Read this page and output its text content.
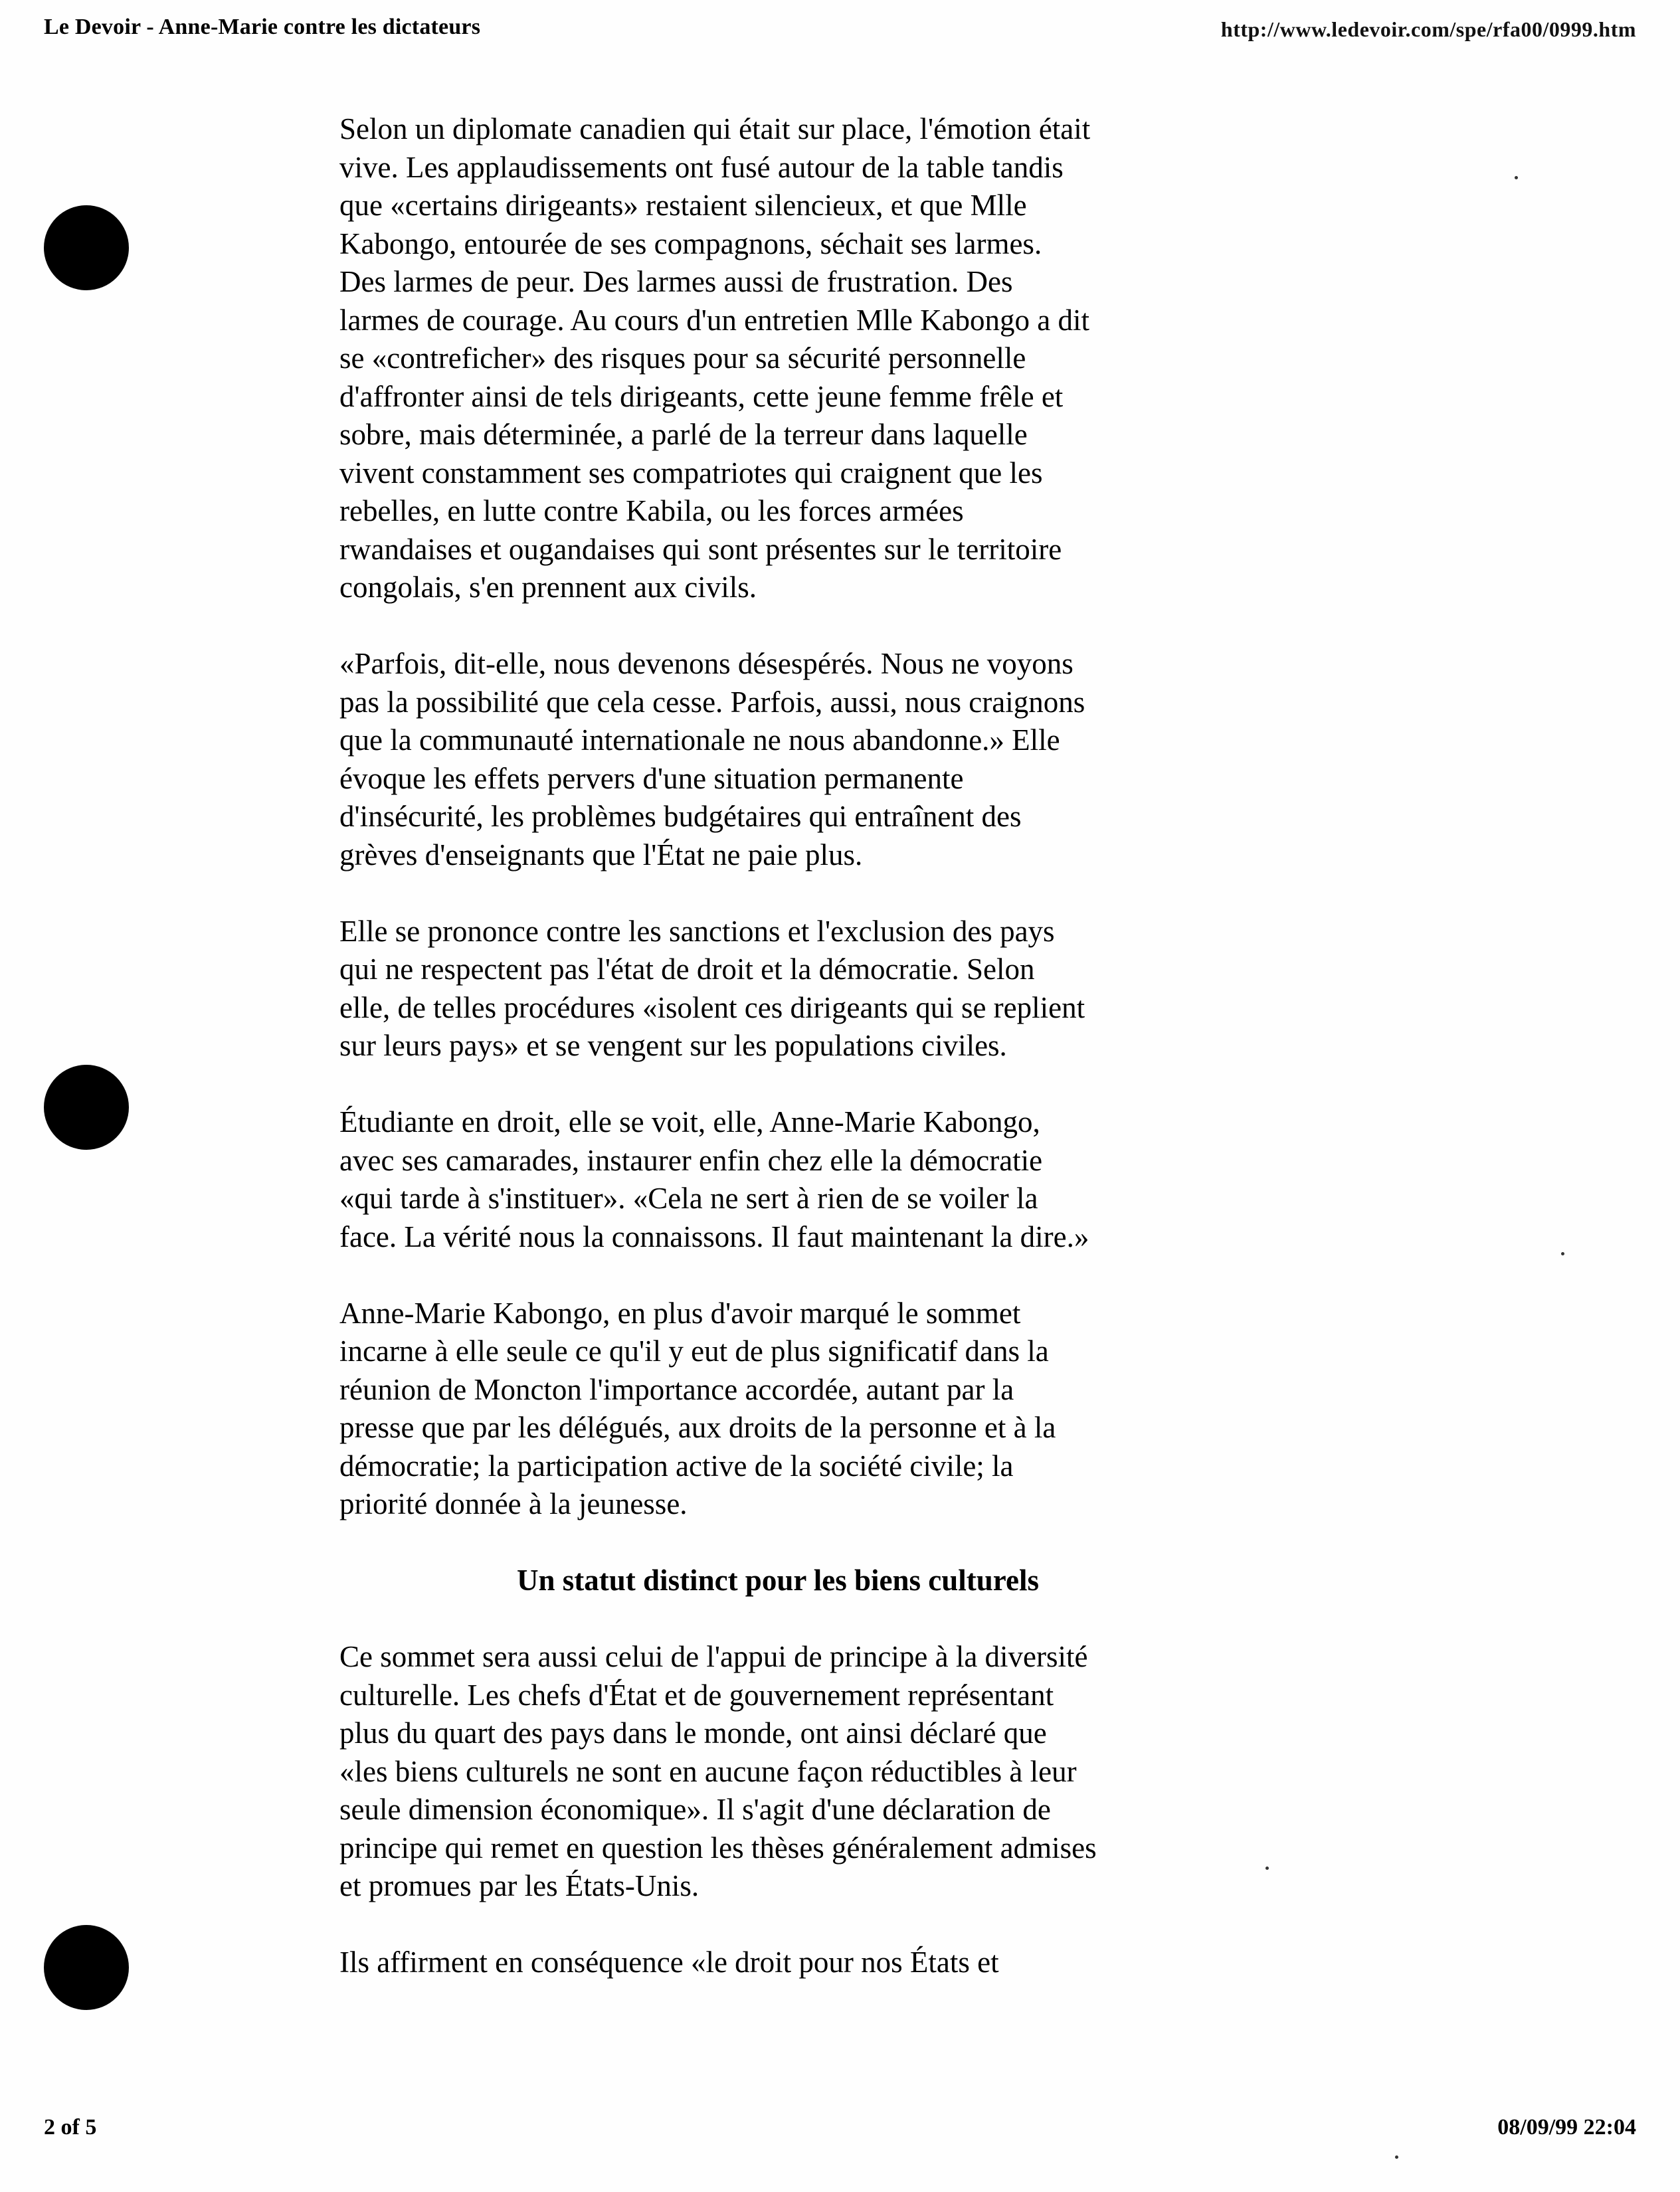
Le Devoir - Anne-Marie contre les dictateurs	http://www.ledevoir.com/spe/rfa00/0999.htm

Selon un diplomate canadien qui était sur place, l'émotion était
vive. Les applaudissements ont fusé autour de la table tandis
que «certains dirigeants» restaient silencieux, et que Mlle
Kabongo, entourée de ses compagnons, séchait ses larmes.
Des larmes de peur. Des larmes aussi de frustration. Des
larmes de courage. Au cours d'un entretien Mlle Kabongo a dit
se «contreficher» des risques pour sa sécurité personnelle
d'affronter ainsi de tels dirigeants, cette jeune femme frêle et
sobre, mais déterminée, a parlé de la terreur dans laquelle
vivent constamment ses compatriotes qui craignent que les
rebelles, en lutte contre Kabila, ou les forces armées
rwandaises et ougandaises qui sont présentes sur le territoire
congolais, s'en prennent aux civils.

«Parfois, dit-elle, nous devenons désespérés. Nous ne voyons
pas la possibilité que cela cesse. Parfois, aussi, nous craignons
que la communauté internationale ne nous abandonne.» Elle
évoque les effets pervers d'une situation permanente
d'insécurité, les problèmes budgétaires qui entraînent des
grèves d'enseignants que l'État ne paie plus.

Elle se prononce contre les sanctions et l'exclusion des pays
qui ne respectent pas l'état de droit et la démocratie. Selon
elle, de telles procédures «isolent ces dirigeants qui se replient
sur leurs pays» et se vengent sur les populations civiles.

Étudiante en droit, elle se voit, elle, Anne-Marie Kabongo,
avec ses camarades, instaurer enfin chez elle la démocratie
«qui tarde à s'instituer». «Cela ne sert à rien de se voiler la
face. La vérité nous la connaissons. Il faut maintenant la dire.»

Anne-Marie Kabongo, en plus d'avoir marqué le sommet
incarne à elle seule ce qu'il y eut de plus significatif dans la
réunion de Moncton l'importance accordée, autant par la
presse que par les délégués, aux droits de la personne et à la
démocratie; la participation active de la société civile; la
priorité donnée à la jeunesse.

Un statut distinct pour les biens culturels

Ce sommet sera aussi celui de l'appui de principe à la diversité
culturelle. Les chefs d'État et de gouvernement représentant
plus du quart des pays dans le monde, ont ainsi déclaré que
«les biens culturels ne sont en aucune façon réductibles à leur
seule dimension économique». Il s'agit d'une déclaration de
principe qui remet en question les thèses généralement admises
et promues par les États-Unis.

Ils affirment en conséquence «le droit pour nos États et

2 of 5	08/09/99 22:04
